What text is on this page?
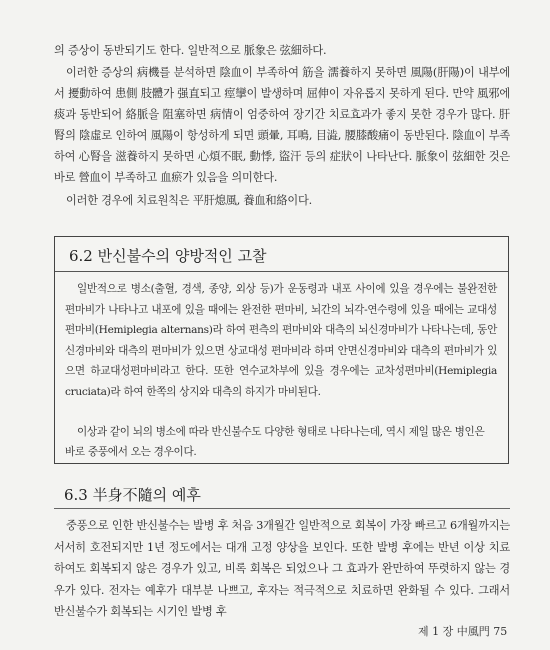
의 증상이 동반되기도 한다. 일반적으로 脈象은 弦細하다.

이러한 증상의 病機를 분석하면 陰血이 부족하여 筋을 濡養하지 못하면 風陽(肝陽)이 내부에서 擾動하여 患側 肢體가 强直되고 痙攣이 발생하며 屈伸이 자유롭지 못하게 된다. 만약 風邪에 痰과 동반되어 絡脈을 阻塞하면 病情이 엄중하여 장기간 치료효과가 좋지 못한 경우가 많다. 肝腎의 陰虛로 인하여 風陽이 항성하게 되면 頭暈, 耳鳴, 目澁, 腰膝酸痛이 동반된다. 陰血이 부족하여 心腎을 滋養하지 못하면 心煩不眠, 動悸, 盜汗 등의 症狀이 나타난다. 脈象이 弦細한 것은 바로 營血이 부족하고 血瘀가 있음을 의미한다.

이러한 경우에 치료원칙은 平肝熄風, 養血和絡이다.

6.2 반신불수의 양방적인 고찰

일반적으로 병소(출혈, 경색, 종양, 외상 등)가 운동령과 내포 사이에 있을 경우에는 불완전한 편마비가 나타나고 내포에 있을 때에는 완전한 편마비, 뇌간의 뇌각-연수령에 있을 때에는 교대성편마비(Hemiplegia alternans)라 하여 편측의 편마비와 대측의 뇌신경마비가 나타나는데, 동안신경마비와 대측의 편마비가 있으면 상교대성 편마비라 하며 안면신경마비와 대측의 편마비가 있으면 하교대성편마비라고 한다. 또한 연수교차부에 있을 경우에는 교차성편마비(Hemiplegia cruciata)라 하여 한쪽의 상지와 대측의 하지가 마비된다.

이상과 같이 뇌의 병소에 따라 반신불수도 다양한 형태로 나타나는데, 역시 제일 많은 병인은 바로 중풍에서 오는 경우이다.

6.3 半身不隨의 예후

중풍으로 인한 반신불수는 발병 후 처음 3개월간 일반적으로 회복이 가장 빠르고 6개월까지는 서서히 호전되지만 1년 정도에서는 대개 고정 양상을 보인다. 또한 발병 후에는 반년 이상 치료하여도 회복되지 않은 경우가 있고, 비록 회복은 되었으나 그 효과가 완만하여 뚜렷하지 않는 경우가 있다. 전자는 예후가 대부분 나쁘고, 후자는 적극적으로 치료하면 완화될 수 있다. 그래서 반신불수가 회복되는 시기인 발병 후

제 1 장 中風門 75
